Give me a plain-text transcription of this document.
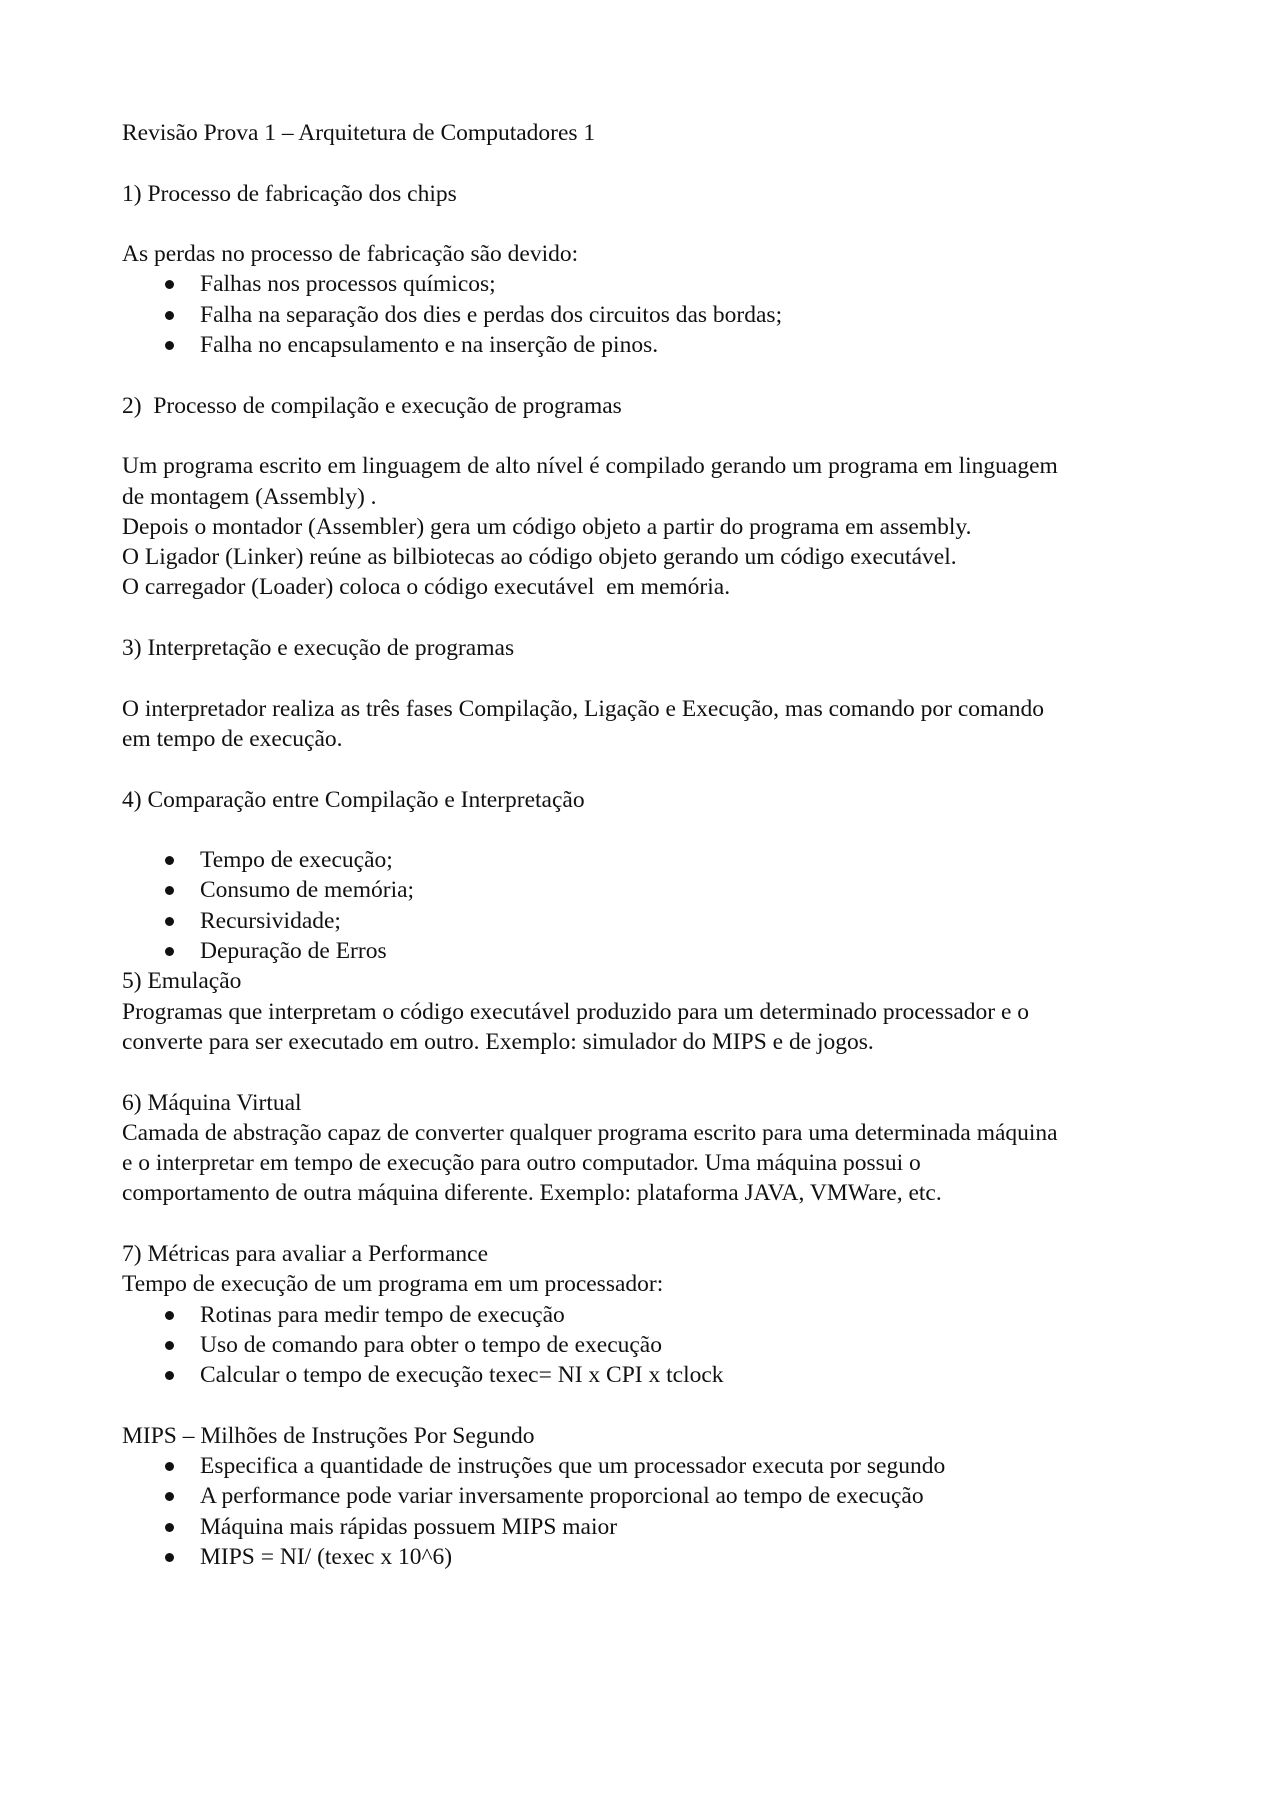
Revisão Prova 1 – Arquitetura de Computadores 1
1) Processo de fabricação dos chips
As perdas no processo de fabricação são devido:
Falhas nos processos químicos;
Falha na separação dos dies e perdas dos circuitos das bordas;
Falha no encapsulamento e na inserção de pinos.
2)  Processo de compilação e execução de programas
Um programa escrito em linguagem de alto nível é compilado gerando um programa em linguagem
de montagem (Assembly) .
Depois o montador (Assembler) gera um código objeto a partir do programa em assembly.
O Ligador (Linker) reúne as bilbiotecas ao código objeto gerando um código executável.
O carregador (Loader) coloca o código executável  em memória.
3) Interpretação e execução de programas
O interpretador realiza as três fases Compilação, Ligação e Execução, mas comando por comando
em tempo de execução.
4) Comparação entre Compilação e Interpretação
Tempo de execução;
Consumo de memória;
Recursividade;
Depuração de Erros
5) Emulação
Programas que interpretam o código executável produzido para um determinado processador e o
converte para ser executado em outro. Exemplo: simulador do MIPS e de jogos.
6) Máquina Virtual
Camada de abstração capaz de converter qualquer programa escrito para uma determinada máquina
e o interpretar em tempo de execução para outro computador. Uma máquina possui o
comportamento de outra máquina diferente. Exemplo: plataforma JAVA, VMWare, etc.
7) Métricas para avaliar a Performance
Tempo de execução de um programa em um processador:
Rotinas para medir tempo de execução
Uso de comando para obter o tempo de execução
Calcular o tempo de execução texec= NI x CPI x tclock
MIPS – Milhões de Instruções Por Segundo
Especifica a quantidade de instruções que um processador executa por segundo
A performance pode variar inversamente proporcional ao tempo de execução
Máquina mais rápidas possuem MIPS maior
MIPS = NI/ (texec x 10^6)
